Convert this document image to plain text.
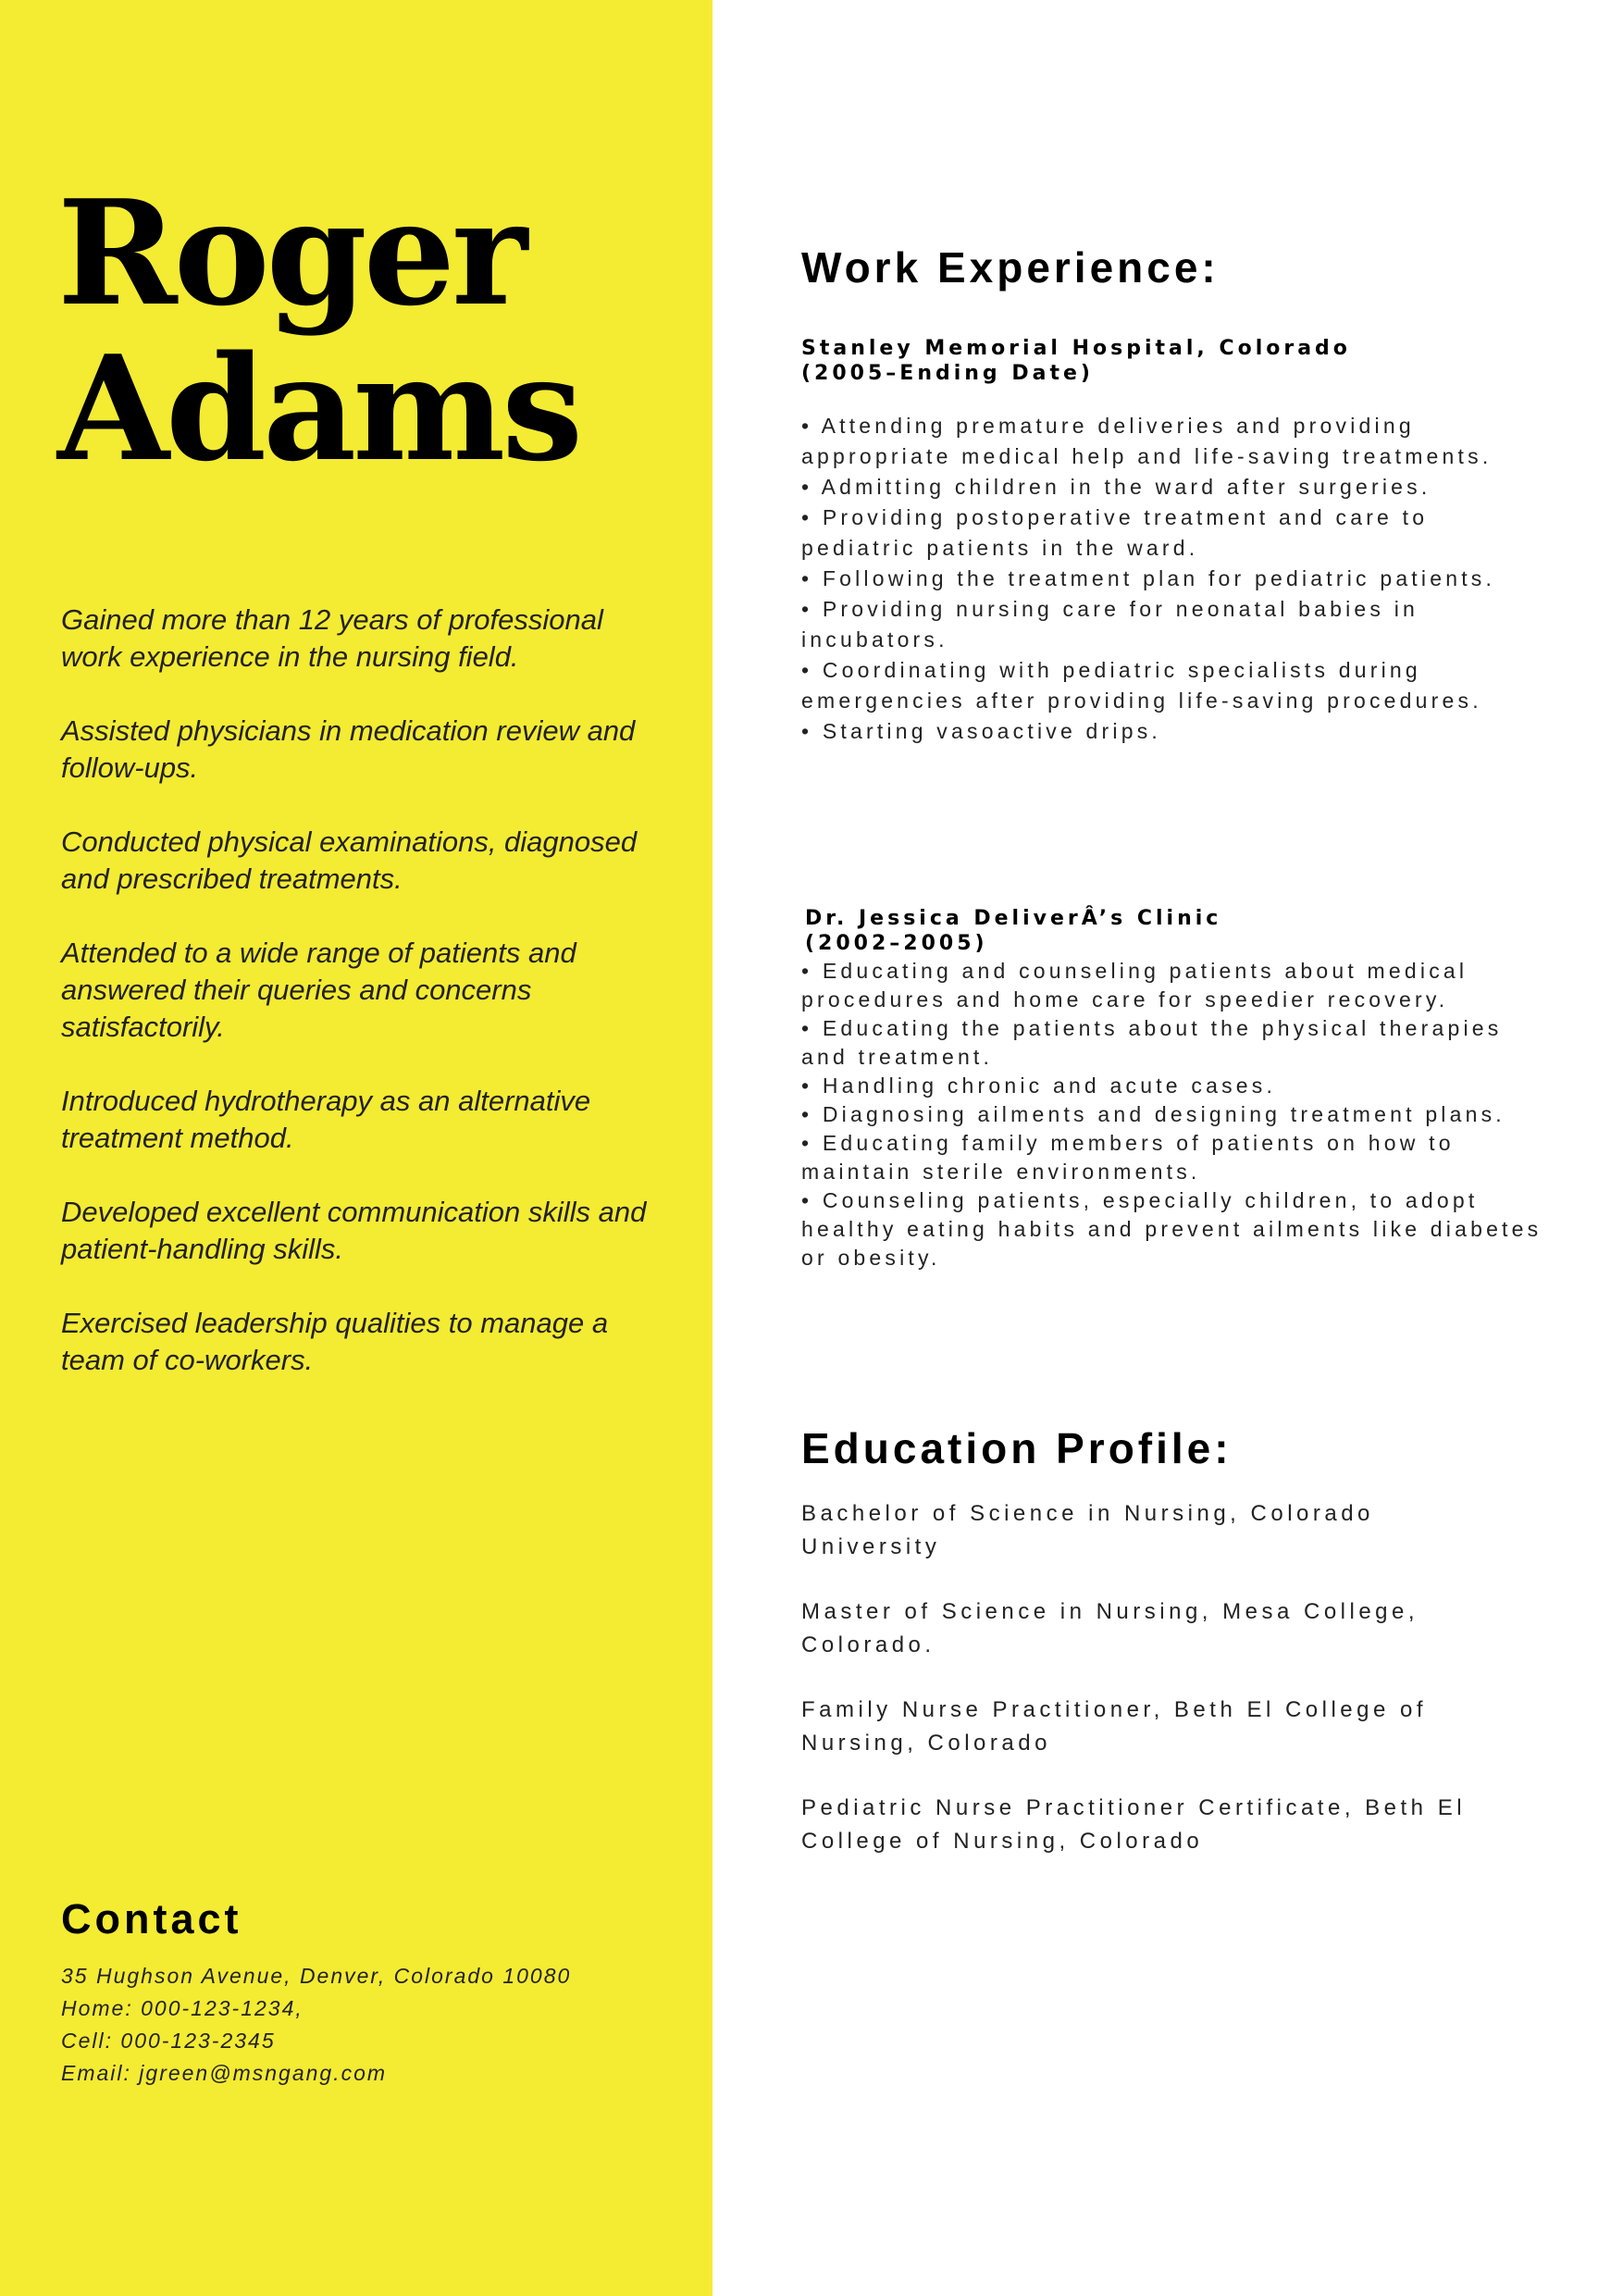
Roger
Adams

Gained more than 12 years of professional work experience in the nursing field.

Assisted physicians in medication review and follow-ups.

Conducted physical examinations, diagnosed and prescribed treatments.

Attended to a wide range of patients and answered their queries and concerns satisfactorily.

Introduced hydrotherapy as an alternative treatment method.

Developed excellent communication skills and patient-handling skills.

Exercised leadership qualities to manage a team of co-workers.

Contact
35 Hughson Avenue, Denver, Colorado 10080
Home: 000-123-1234,
Cell: 000-123-2345
Email: jgreen@msngang.com
Work Experience:
Stanley Memorial Hospital, Colorado
(2005–Ending Date)
• Attending premature deliveries and providing appropriate medical help and life-saving treatments.
• Admitting children in the ward after surgeries.
• Providing postoperative treatment and care to pediatric patients in the ward.
• Following the treatment plan for pediatric patients.
• Providing nursing care for neonatal babies in incubators.
• Coordinating with pediatric specialists during emergencies after providing life-saving procedures.
• Starting vasoactive drips.
Dr. Jessica DeliverÂ’s Clinic
(2002–2005)
• Educating and counseling patients about medical procedures and home care for speedier recovery.
• Educating the patients about the physical therapies and treatment.
• Handling chronic and acute cases.
• Diagnosing ailments and designing treatment plans.
• Educating family members of patients on how to maintain sterile environments.
• Counseling patients, especially children, to adopt healthy eating habits and prevent ailments like diabetes or obesity.
Education Profile:
Bachelor of Science in Nursing, Colorado University
Master of Science in Nursing, Mesa College, Colorado.
Family Nurse Practitioner, Beth El College of Nursing, Colorado
Pediatric Nurse Practitioner Certificate, Beth El College of Nursing, Colorado
